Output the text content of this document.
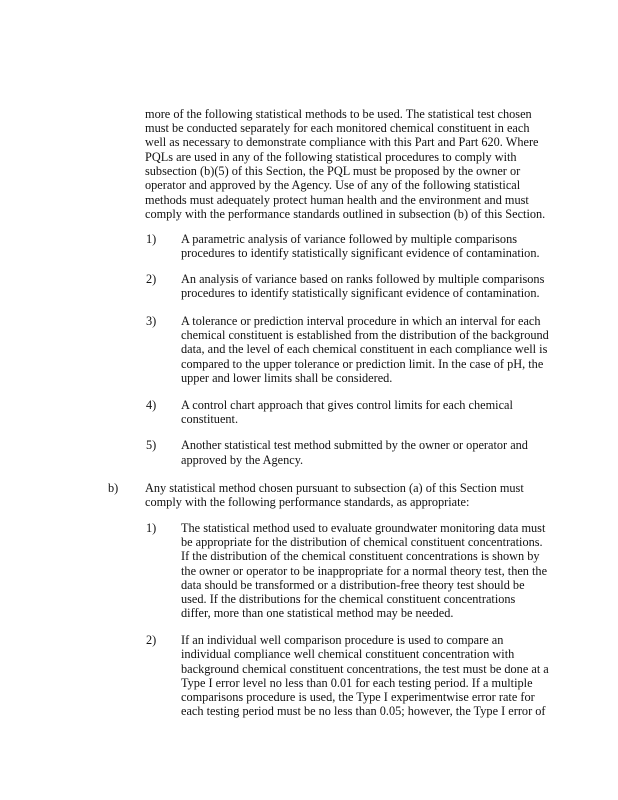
more of the following statistical methods to be used. The statistical test chosen
must be conducted separately for each monitored chemical constituent in each
well as necessary to demonstrate compliance with this Part and Part 620. Where
PQLs are used in any of the following statistical procedures to comply with
subsection (b)(5) of this Section, the PQL must be proposed by the owner or
operator and approved by the Agency. Use of any of the following statistical
methods must adequately protect human health and the environment and must
comply with the performance standards outlined in subsection (b) of this Section.
1) A parametric analysis of variance followed by multiple comparisons
procedures to identify statistically significant evidence of contamination.
2) An analysis of variance based on ranks followed by multiple comparisons
procedures to identify statistically significant evidence of contamination.
3) A tolerance or prediction interval procedure in which an interval for each
chemical constituent is established from the distribution of the background
data, and the level of each chemical constituent in each compliance well is
compared to the upper tolerance or prediction limit. In the case of pH, the
upper and lower limits shall be considered.
4) A control chart approach that gives control limits for each chemical
constituent.
5) Another statistical test method submitted by the owner or operator and
approved by the Agency.
b) Any statistical method chosen pursuant to subsection (a) of this Section must
comply with the following performance standards, as appropriate:
1) The statistical method used to evaluate groundwater monitoring data must
be appropriate for the distribution of chemical constituent concentrations.
If the distribution of the chemical constituent concentrations is shown by
the owner or operator to be inappropriate for a normal theory test, then the
data should be transformed or a distribution-free theory test should be
used. If the distributions for the chemical constituent concentrations
differ, more than one statistical method may be needed.
2) If an individual well comparison procedure is used to compare an
individual compliance well chemical constituent concentration with
background chemical constituent concentrations, the test must be done at a
Type I error level no less than 0.01 for each testing period. If a multiple
comparisons procedure is used, the Type I experimentwise error rate for
each testing period must be no less than 0.05; however, the Type I error of
